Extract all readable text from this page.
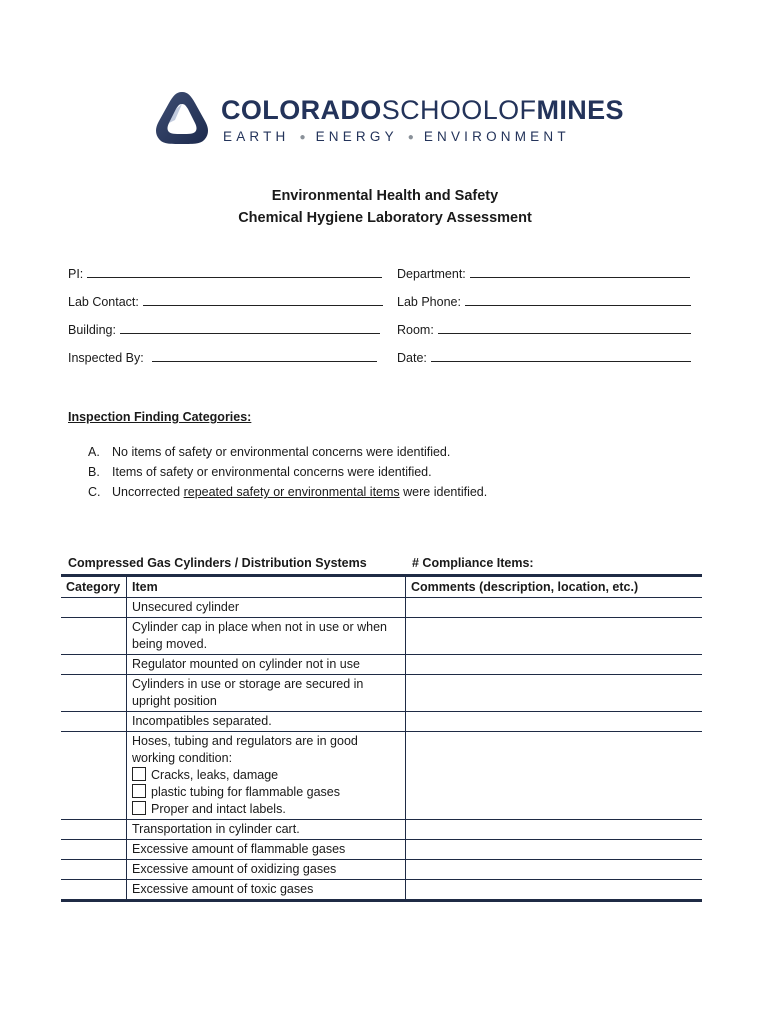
COLORADOSCHOOLOFMINES
EARTH ● ENERGY ● ENVIRONMENT
Environmental Health and Safety
Chemical Hygiene Laboratory Assessment
PI:	Department:
Lab Contact:	Lab Phone:
Building:	Room:
Inspected By:	Date:
Inspection Finding Categories:
A. No items of safety or environmental concerns were identified.
B. Items of safety or environmental concerns were identified.
C. Uncorrected repeated safety or environmental items were identified.
Compressed Gas Cylinders / Distribution Systems	# Compliance Items:
Category	Item	Comments (description, location, etc.)
	Unsecured cylinder	
	Cylinder cap in place when not in use or when being moved.	
	Regulator mounted on cylinder not in use	
	Cylinders in use or storage are secured in upright position	
	Incompatibles separated.	

	Hoses, tubing and regulators are in good working condition:
Cracks, leaks, damage
plastic tubing for flammable gases
Proper and intact labels.	

	Transportation in cylinder cart.	
	Excessive amount of flammable gases	
	Excessive amount of oxidizing gases	
	Excessive amount of toxic gases	
